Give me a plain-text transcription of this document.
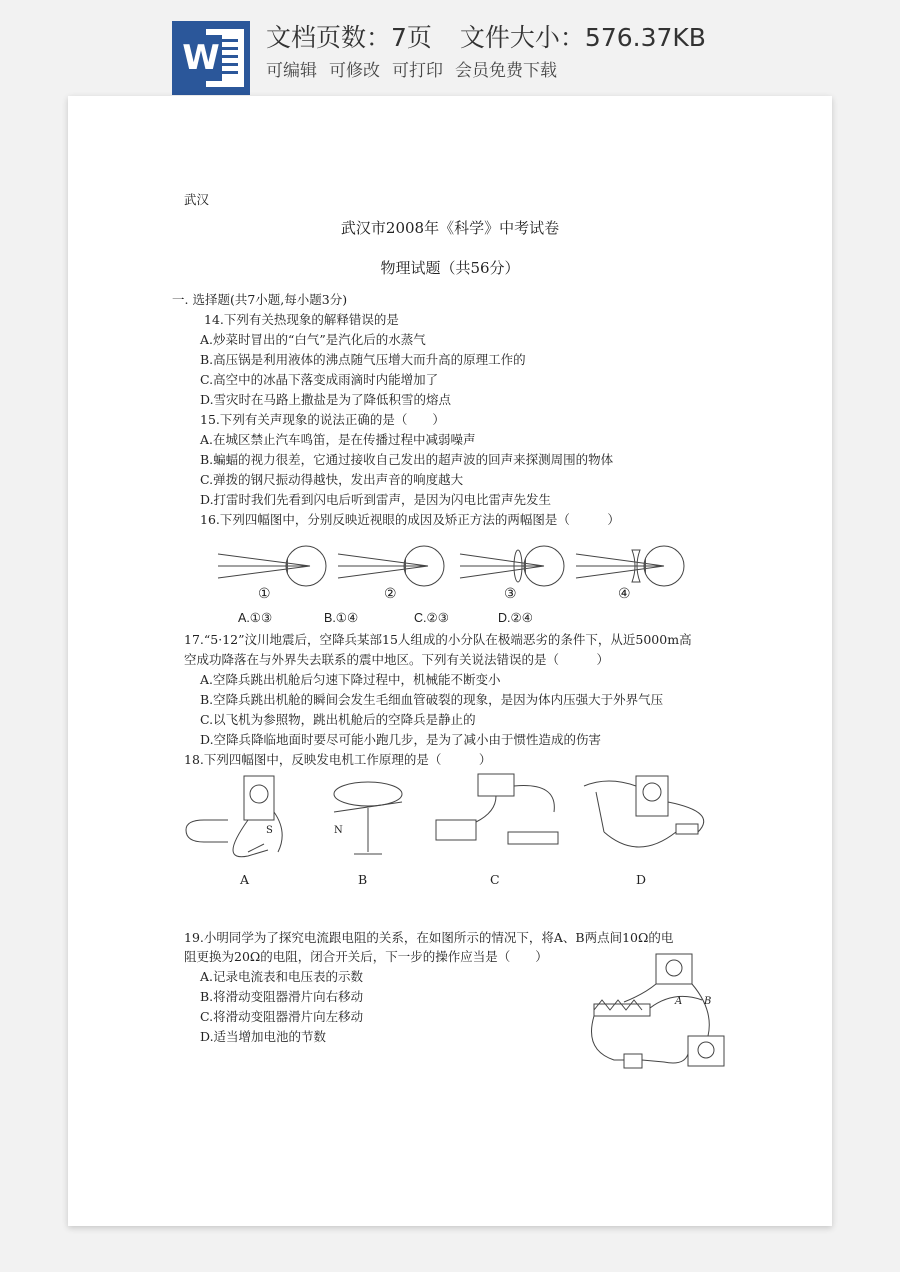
W
文档页数：7页 文件大小：576.37KB
可编辑 可修改 可打印 会员免费下载
武汉
武汉市2008年《科学》中考试卷
物理试题（共56分）
一. 选择题(共7小题,每小题3分)
14.下列有关热现象的解释错误的是
A.炒菜时冒出的“白气”是汽化后的水蒸气
B.高压锅是利用液体的沸点随气压增大而升高的原理工作的
C.高空中的冰晶下落变成雨滴时内能增加了
D.雪灾时在马路上撒盐是为了降低积雪的熔点
15.下列有关声现象的说法正确的是（　　）
A.在城区禁止汽车鸣笛，是在传播过程中减弱噪声
B.蝙蝠的视力很差，它通过接收自己发出的超声波的回声来探测周围的物体
C.弹拨的钢尺振动得越快，发出声音的响度越大
D.打雷时我们先看到闪电后听到雷声，是因为闪电比雷声先发生
16.下列四幅图中，分别反映近视眼的成因及矫正方法的两幅图是（　　　）
①	②	③	④
A.①③	B.①④	C.②③	D.②④
17.“5·12”汶川地震后，空降兵某部15人组成的小分队在极端恶劣的条件下，从近5000m高
空成功降落在与外界失去联系的震中地区。下列有关说法错误的是（　　　）
A.空降兵跳出机舱后匀速下降过程中，机械能不断变小
B.空降兵跳出机舱的瞬间会发生毛细血管破裂的现象，是因为体内压强大于外界气压
C.以飞机为参照物，跳出机舱后的空降兵是静止的
D.空降兵降临地面时要尽可能小跑几步，是为了减小由于惯性造成的伤害
18.下列四幅图中，反映发电机工作原理的是（　　　）
S	N
A	B	C	D
19.小明同学为了探究电流跟电阻的关系，在如图所示的情况下，将A、B两点间10Ω的电
阻更换为20Ω的电阻，闭合开关后，下一步的操作应当是（　　）
A.记录电流表和电压表的示数
B.将滑动变阻器滑片向右移动
C.将滑动变阻器滑片向左移动
D.适当增加电池的节数
A B
